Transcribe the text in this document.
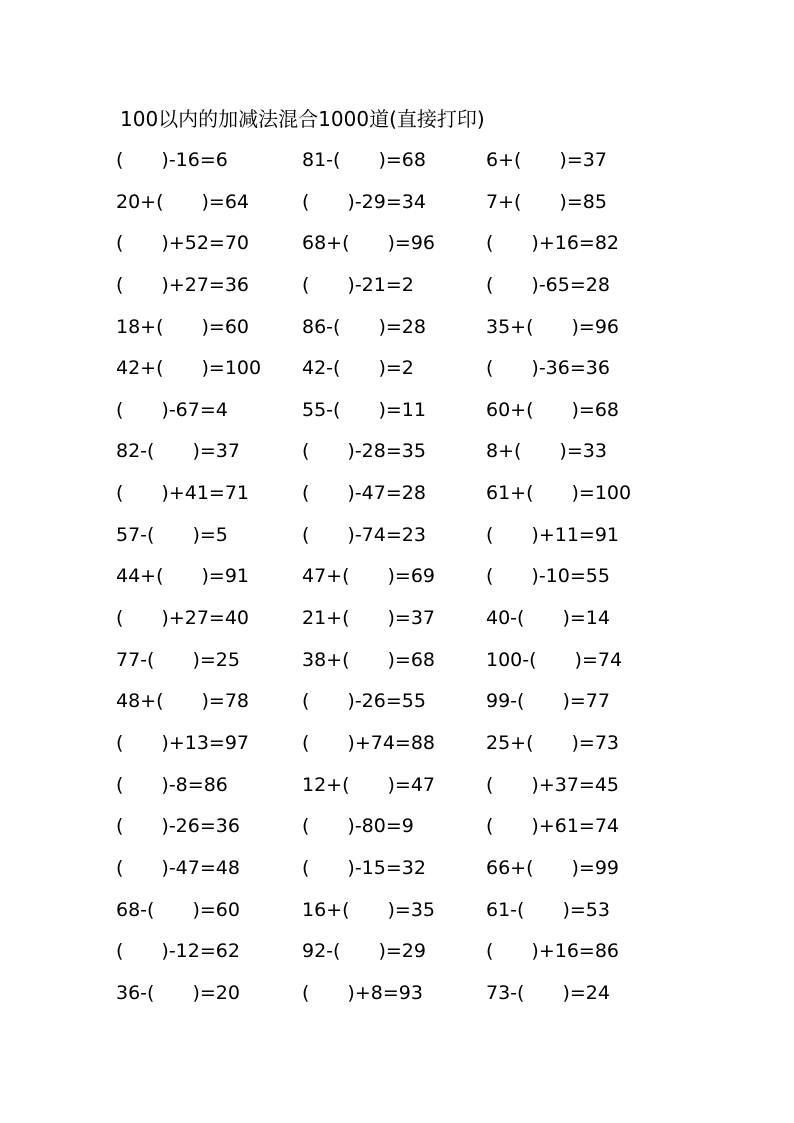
100以内的加减法混合1000道(直接打印)
(  )-16=6	81-(  )=68	6+(  )=37
20+(  )=64	(  )-29=34	7+(  )=85
(  )+52=70	68+(  )=96	(  )+16=82
(  )+27=36	(  )-21=2	(  )-65=28
18+(  )=60	86-(  )=28	35+(  )=96
42+(  )=100	42-(  )=2	(  )-36=36
(  )-67=4	55-(  )=11	60+(  )=68
82-(  )=37	(  )-28=35	8+(  )=33
(  )+41=71	(  )-47=28	61+(  )=100
57-(  )=5	(  )-74=23	(  )+11=91
44+(  )=91	47+(  )=69	(  )-10=55
(  )+27=40	21+(  )=37	40-(  )=14
77-(  )=25	38+(  )=68	100-(  )=74
48+(  )=78	(  )-26=55	99-(  )=77
(  )+13=97	(  )+74=88	25+(  )=73
(  )-8=86	12+(  )=47	(  )+37=45
(  )-26=36	(  )-80=9	(  )+61=74
(  )-47=48	(  )-15=32	66+(  )=99
68-(  )=60	16+(  )=35	61-(  )=53
(  )-12=62	92-(  )=29	(  )+16=86
36-(  )=20	(  )+8=93	73-(  )=24
